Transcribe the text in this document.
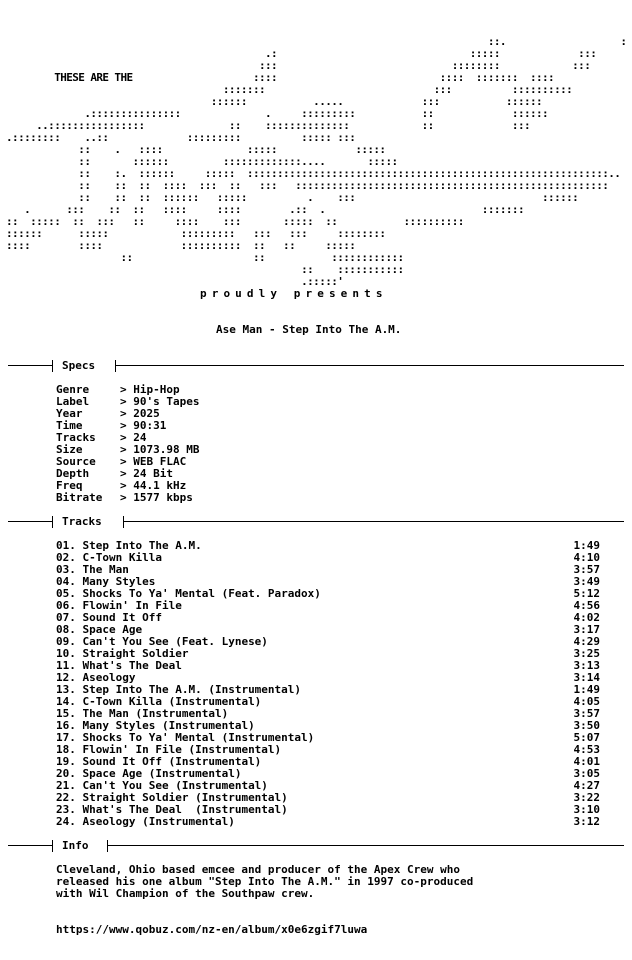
::.                   :
.:                                :::::             :::
:::                             ::::::::            :::
THESE ARE THE                    ::::                           ::::  :::::::  ::::
:::::::                            :::          ::::::::::
::::::           .....             :::           ::::::
.:::::::::::::::              .     :::::::::           ::             ::::::
..::::::::::::::::              ::    ::::::::::::::            ::             :::
.::::::::    ..::             :::::::::          ::::: :::
::    .   ::::              :::::             :::::
::       ::::::         :::::::::::::....       :::::
::    :.  ::::::     :::::  ::::::::::::::::::::::::::::::::::::::::::::::::::::::::::::..
::    ::  ::  ::::  :::  ::   :::   ::::::::::::::::::::::::::::::::::::::::::::::::::::
::    ::  ::  ::::::   :::::          .    :::                               ::::::
.      :::    ::  ::   ::::     ::::        .::  .                          :::::::
::  :::::  ::  :::   ::     ::::    :::       :::::  ::           ::::::::::
::::::      :::::            :::::::::   :::   :::     ::::::::
::::        ::::             ::::::::::  ::   ::     :::::
::                    ::           ::::::::::::
::    :::::::::::
.:::::'
proudly presents
Ase Man - Step Into The A.M.
Specs
Genre	> Hip-Hop
Label	> 90's Tapes
Year	> 2025
Time	> 90:31
Tracks > 24
Size	> 1073.98 MB
Source > WEB FLAC
Depth	> 24 Bit
Freq	> 44.1 kHz
Bitrate > 1577 kbps
Tracks
01. Step Into The A.M.	1:49
02. C-Town Killa	4:10
03. The Man	3:57
04. Many Styles	3:49
05. Shocks To Ya' Mental (Feat. Paradox)	5:12
06. Flowin' In File	4:56
07. Sound It Off	4:02
08. Space Age	3:17
09. Can't You See (Feat. Lynese)	4:29
10. Straight Soldier	3:25
11. What's The Deal	3:13
12. Aseology	3:14
13. Step Into The A.M. (Instrumental)	1:49
14. C-Town Killa (Instrumental)	4:05
15. The Man (Instrumental)	3:57
16. Many Styles (Instrumental)	3:50
17. Shocks To Ya' Mental (Instrumental)	5:07
18. Flowin' In File (Instrumental)	4:53
19. Sound It Off (Instrumental)	4:01
20. Space Age (Instrumental)	3:05
21. Can't You See (Instrumental)	4:27
22. Straight Soldier (Instrumental)	3:22
23. What's The Deal  (Instrumental)	3:10
24. Aseology (Instrumental)	3:12
Info
Cleveland, Ohio based emcee and producer of the Apex Crew who
released his one album "Step Into The A.M." in 1997 co-produced
with Wil Champion of the Southpaw crew.
https://www.qobuz.com/nz-en/album/x0e6zgif7luwa
